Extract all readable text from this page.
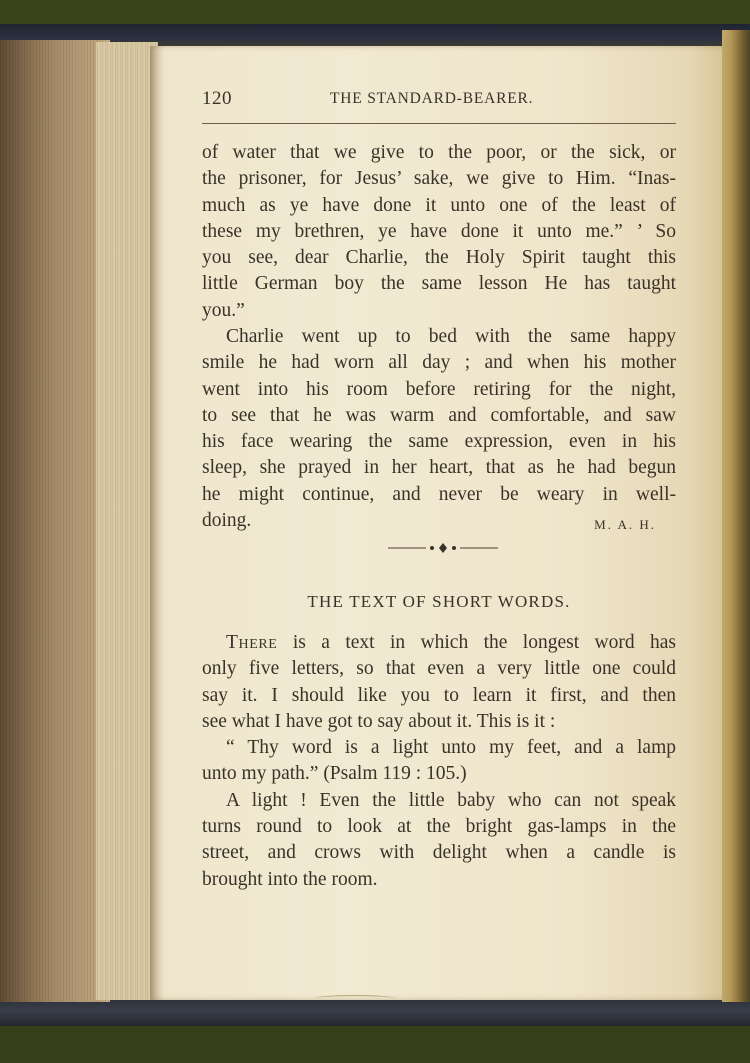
120	THE STANDARD-BEARER.
of water that we give to the poor, or the sick, or
the prisoner, for Jesus’ sake, we give to Him. “Inas-
much as ye have done it unto one of the least of
these my brethren, ye have done it unto me.” ’ So
you see, dear Charlie, the Holy Spirit taught this
little German boy the same lesson He has taught
you.”
Charlie went up to bed with the same happy
smile he had worn all day ; and when his mother
went into his room before retiring for the night,
to see that he was warm and comfortable, and saw
his face wearing the same expression, even in his
sleep, she prayed in her heart, that as he had begun
he might continue, and never be weary in well-
doing.	M. A. H.
THE TEXT OF SHORT WORDS.
There is a text in which the longest word has
only five letters, so that even a very little one could
say it. I should like you to learn it first, and then
see what I have got to say about it. This is it :
“ Thy word is a light unto my feet, and a lamp
unto my path.” (Psalm 119 : 105.)
A light ! Even the little baby who can not speak
turns round to look at the bright gas-lamps in the
street, and crows with delight when a candle is
brought into the room.
